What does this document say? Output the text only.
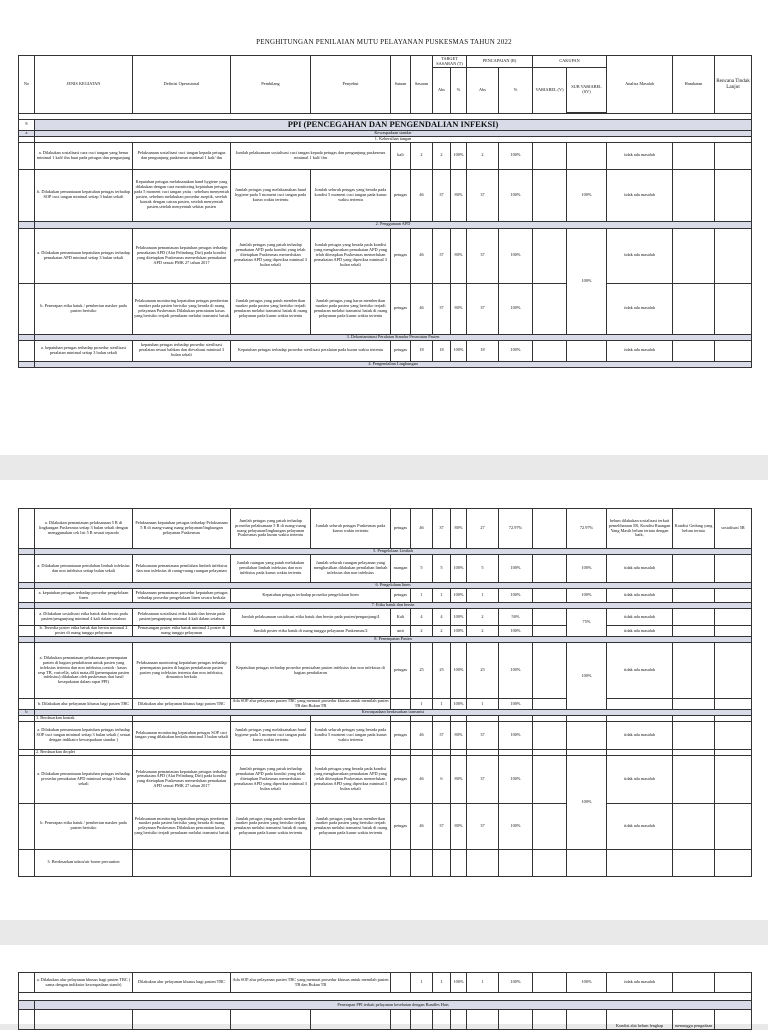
PENGHITUNGAN PENILAIAN MUTU PELAYANAN PUSKESMAS TAHUN 2022
No	JENIS KEGIATAN	Definisi Operasional	Pembilang	Penyebut	Satuan	Sasaran	TARGET SASARAN (T)		PENCAPAIAN (R)		CAKUPAN		Analisa Masalah	Hambatan	Rencana Tindak Lanjut
							Abs	%	Abs	%	VARIABEL (V)	SUB VARIABEL (SV)			

8	PPI (PENCEGAHAN DAN PENGENDALIAN INFEKSI)														
a	Kewaspadaan standar														
	1. Kebersihan tangan														
	a. Dilakukan sosialisasi cara cuci tangan yang benar minimal 1 kali/ thn buat pada petugas dan pengunjung	Pelaksanaan sosialisasi cuci tangan kepada petugas dan pengunjung puskesmas minimal 1 kali/ thn	Jumlah pelaksanaan sosialisasi cuci tangan kepada petugas dan pengunjung puskesmas minimal 1 kali/ thn		kali	2	2	100%	2	100%			tidak ada masalah		
	b. Dilakukan pemantauan kepatuhan petugas terhadap SOP cuci tangan minimal setiap 3 bulan sekali	Kepatuhan petugas melaksanakan hand hygiene yang dilakukan dengan cara monitoring kepatuhan petugas pada 5 moment cuci tangan yaitu : sebelum menyentuh pasien, sebelum melakukan prosedur aseptik, setelah kontak dengan cairan pasien, setelah menyentuh pasien,setelah menyentuh sekitar pasien	Jumlah petugas yang melaksanakan hand hygiene pada 5 moment cuci tangan pada kurun waktu tertentu	Jumlah seluruh petugas yang berada pada kondisi 5 moment cuci tangan pada kurun waktu tertentu	petugas	46	37	80%	37	100%		100%	tidak ada masalah		
	2. Penggunaan APD														
	a. Dilakukan pemantauan kepatuhan petugas terhadap pemakaian APD minimal setiap 3 bulan sekali	Pelaksanaan pemantauan kepatuhan petugas terhadap pemakaian APD (Alat Pelindung Diri) pada kondisi yang ditetapkan Puskesmas memerlukan pemakaian APD sesuai PMK 27 tahun 2017	Jumlah petugas yang patuh terhadap pemakaian APD pada kondisi yang telah ditetapkan Puskesmas memerlukan pemakaian APD yang diperiksa minimal 3 bulan sekali	Jumlah petugas yang berada pada kondisi yang mengharuskan pemakaian APD yang telah ditetapkan Puskesmas memerlukan pemakaian APD yang diperiksa minimal 3 bulan sekali	petugas	46	37	80%	37	100%		100%	tidak ada masalah		
	b. Penerapan etika batuk / pemberian masker pada pasien berisiko	Pelaksanaan monitoring kepatuhan petugas pemberian masker pada pasien berisiko yang berada di ruang pelayanan Puskesmas Dilakukan pencatatan kasus yang berisiko terjadi penularan melalui transmisi batuk	Jumlah petugas yang patuh memberikan masker pada pasien yang berisiko terjadi penularan melalui transmisi batuk di ruang pelayanan pada kurun waktu tertentu	Jumlah petugas yang harus memberikan masker pada pasien yang berisiko terjadi penularan melalui transmisi batuk di ruang pelayanan pada kurun waktu tertentu	petugas	46	37	80%	37	100%			tidak ada masalah		
	3. Dekontaminasi Peralatan Standar Perawatan Pasien														
	a. kepatuhan petugas terhadap prosedur sterilisasi peralatan minimal setiap 3 bulan sekali	kepatuhan petugas terhadap prosedur sterilisasi peralatan sesuai bahkan dan dievaluasi minimal 3 bulan sekali	Kepatuhan petugas terhadap prosedur sterilisasi peralatan pada kurun waktu tertentu		petugas	18	18	100%	18	100%			tidak ada masalah		
	4. Pengendalian Lingkungan														
	a. Dilakukan pemantauan pelaksanaan 5 R di lingkungan Puskesmas setiap 3 bulan sekali dengan menggunakan cek list 5 R sesuai tepaodo	Pelaksanaan kepatuhan petugas terhadap Pelaksanaan 5 R di ruang-ruang ruang pelayanan/lingkungan pelayanan Puskesmas	Jumlah petugas yang patuh terhadap prosedur pelaksanaan 5 R di ruang-ruang ruang pelayanan/lingkungan pelayanan Puskesmas pada kurun waktu tertentu	Jumlah seluruh petugas Puskesmas pada kurun waktu tertentu	petugas	46	37	80%	27	72.97%		72.97%	belum dilakukan sosialisasi terkait pemeliharaan 5R, Kondisi Ruangan Yang Masih belum tertata dengan baik,	Kondisi Gedung yang belum tertata	sosialisasi 5R
	5. Pengelolaan Limbah														
	a. Dilakukan pemantauan pemilahan limbah infeksius dan non infeksius setiap bulan sekali	Pelaksanaan pemantauan pemilahan limbah infeksius dan non infeksius di ruang-ruang ruangan pelayanan	Jumlah ruangan yang patuh melakukan pemilahan limbah infeksius dan non infeksius pada kurun waktu tertentu	Jumlah seluruh ruangan pelayanan yang menghasilkan dilakukan pemilahan limbah infeksius dan non infeksius	ruangan	5	5	100%	5	100%		100%	tidak ada masalah		
	6. Pengelolaan linen														
	a. kepatuhan petugas terhadap prosedur pengelolaan linen	Pelaksanaan pemantauan prosedur kepatuhan petugas terhadap prosedur pengelolaan linen secara berkala	Kepatuhan petugas terhadap prosedur pengelolaan linen		petugas	1	1	100%	1	100%		100%	tidak ada masalah		
	7. Etika batuk dan bersin														
	a. Dilakukan sosialisasi etika batuk dan bersin pada pasien/pengunjung minimal 4 kali dalam setahun	Pelaksanaan sosialisasi etika batuk dan bersin pada pasien/pengunjung minimal 4 kali dalam setahun	Jumlah pelaksanaan sosialisasi etika batuk dan bersin pada pasien/pengunjung/4		Kali	4	4	100%	2	50%		75%	tidak ada masalah		
	b. Tersedia poster etika batuk dan bersin minimal 2 poster di ruang tunggu pelayanan	Pemasangan poster etika batuk minimal 2 poster di ruang tunggu pelayanan	Jumlah poster etika batuk di ruang tunggu pelayanan Puskesmas/2		unit	2	2	100%	2	100%			tidak ada masalah		
	8. Penempatan Pasien														
	a. Dilakukan pemantauan pelaksanaan penempatan pasien di bagian pendaftaran untuk pasien yang infeksius tertentu dan non infeksius,contoh : kasus sesp TB, varicella, sakit mata,dll (penempatan pasien infeksius) dilakukan oleh puskesmas dari hasil kesepakatan dalam rapat PPI)	Pelaksanaan monitoring kepatuhan petugas terhadap penempatan pasien di bagian pendaftaran pasien pasien yang infeksius tertentu dan non infeksius, dimonitor berkala	Kepatuhan petugas terhadap prosedur pemisahan pasien infeksius dan non infeksius di bagian pendaftaran		petugas	25	25	100%	25	100%		100%	tidak ada masalah		
	b. Dilakukan alur pelayanan khusus bagi pasien TBC	Dilakukan alur pelayanan khusus bagi pasien TBC	Ada SOP alur pelayanan pasien TBC yang memuat prosedur khusus untuk memilah pasien TB dan Bukan TB			1	1	100%	1	100%					
b	Kewaspadaan berdasarkan transmisi														
	1. Berdasarkan kontak														
	a. Dilakukan pemantauan kepatuhan petugas terhadap SOP cuci tangan minimal setiap 3 bulan sekali ( sesuai dengan indikator kewaspadaan standar )	Pelaksanaan monitoring kepatuhan petugas SOP cuci tangan yang dilakukan berkala minimal 3 bulan sekali	Jumlah petugas yang melaksanakan hand hygiene pada 5 moment cuci tangan pada kurun waktu tertentu	Jumlah seluruh petugas yang berada pada kondisi 5 moment cuci tangan pada kurun waktu tertentu	petugas	46	37	80%	37	100%			tidak ada masalah		
	2. Berdasarkan droplet														
	a. Dilakukan pemantauan kepatuhan petugas terhadap prosedur pemakaian APD minimal setiap 3 bulan sekali	Pelaksanaan pemantauan kepatuhan petugas terhadap pemakaian APD (Alat Pelindung Diri) pada kondisi yang ditetapkan Puskesmas memerlukan pemakaian APD sesuai PMK 27 tahun 2017	Jumlah petugas yang patuh terhadap pemakaian APD pada kondisi yang telah ditetapkan Puskesmas memerlukan pemakaian APD yang diperiksa minimal 3 bulan sekali	Jumlah petugas yang berada pada kondisi yang mengharuskan pemakaian APD yang telah ditetapkan Puskesmas memerlukan pemakaian APD yang diperiksa minimal 3 bulan sekali	petugas	46	6	80%	37	100%		100%	tidak ada masalah		
	b. Penerapan etika batuk / pemberian masker pada pasien berisiko	Pelaksanaan monitoring kepatuhan petugas pemberian masker pada pasien berisiko yang berada di ruang pelayanan Puskesmas Dilakukan pencatatan kasus yang berisiko terjadi penularan melalui transmisi batuk	Jumlah petugas yang patuh memberikan masker pada pasien yang berisiko terjadi penularan melalui transmisi batuk di ruang pelayanan pada kurun waktu tertentu	Jumlah petugas yang harus memberikan masker pada pasien yang berisiko terjadi penularan melalui transmisi batuk di ruang pelayanan pada kurun waktu tertentu	petugas	46	37	80%	37	100%			tidak ada masalah		
	3. Berdasarkan udara/air borne precaution														
	a. Dilakukan alur pelayanan khusus bagi pasien TBC ( sama dengan indikator kewaspadaan standr)	Dilakukan alur pelayanan khusus bagi pasien TBC	Ada SOP alur pelayanan pasien TBC yang memuat prosedur khusus untuk memilah pasien TB dan Bukan TB			1	1	100%	1	100%		100%	tidak ada masalah		

	Penerapan PPI terkait pelayanan kesehatan dengan Bundles Hais														
													Kondisi alat belum lengkap	menunggu pengadaan	
